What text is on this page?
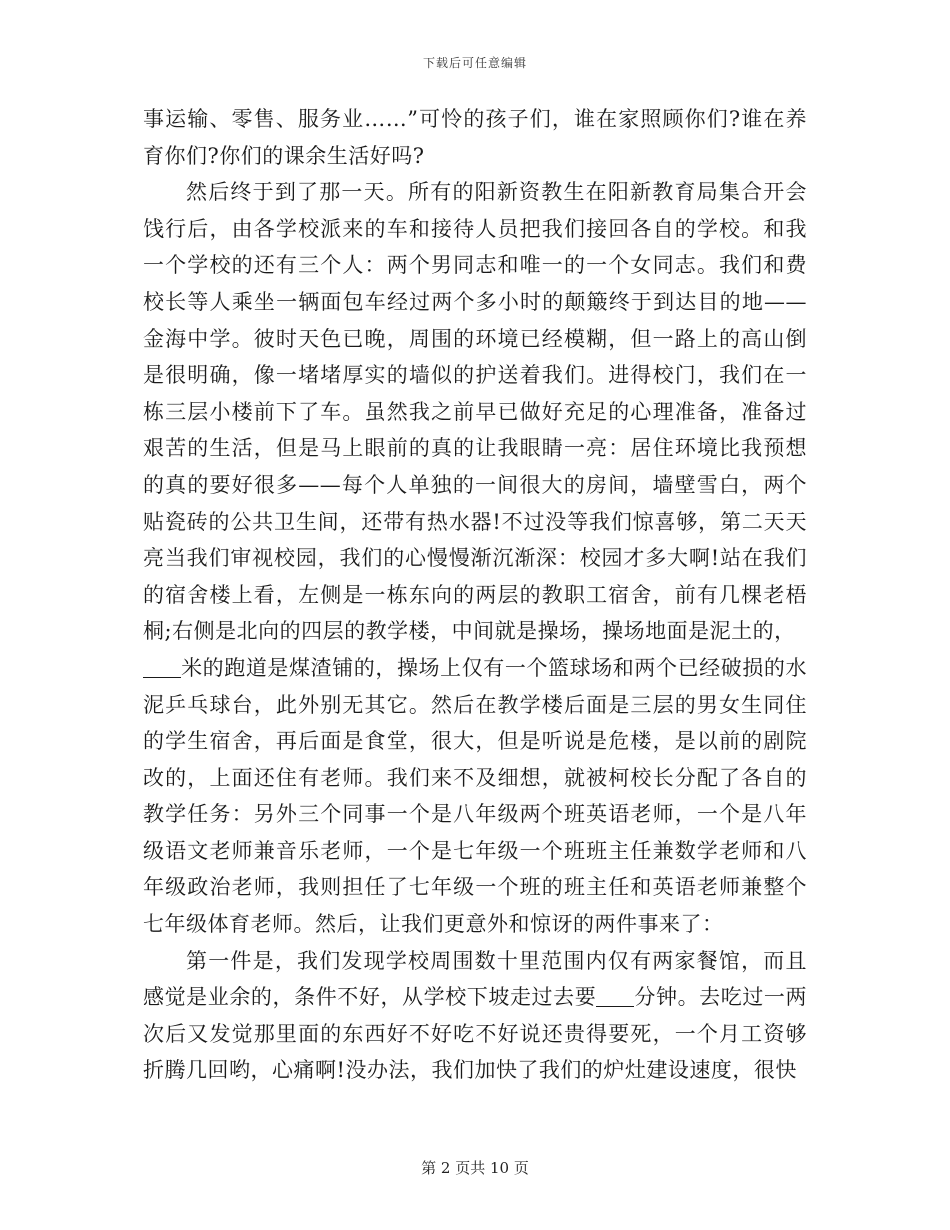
下载后可任意编辑

事运输、零售、服务业……”可怜的孩子们，谁在家照顾你们?谁在养育你们?你们的课余生活好吗?

然后终于到了那一天。所有的阳新资教生在阳新教育局集合开会饯行后，由各学校派来的车和接待人员把我们接回各自的学校。和我一个学校的还有三个人：两个男同志和唯一的一个女同志。我们和费校长等人乘坐一辆面包车经过两个多小时的颠簸终于到达目的地——金海中学。彼时天色已晚，周围的环境已经模糊，但一路上的高山倒是很明确，像一堵堵厚实的墙似的护送着我们。进得校门，我们在一栋三层小楼前下了车。虽然我之前早已做好充足的心理准备，准备过艰苦的生活，但是马上眼前的真的让我眼睛一亮：居住环境比我预想的真的要好很多——每个人单独的一间很大的房间，墙壁雪白，两个贴瓷砖的公共卫生间，还带有热水器!不过没等我们惊喜够，第二天天亮当我们审视校园，我们的心慢慢渐沉渐深：校园才多大啊!站在我们的宿舍楼上看，左侧是一栋东向的两层的教职工宿舍，前有几棵老梧桐;右侧是北向的四层的教学楼，中间就是操场，操场地面是泥土的，
米的跑道是煤渣铺的，操场上仅有一个篮球场和两个已经破损的水泥乒乓球台，此外别无其它。然后在教学楼后面是三层的男女生同住的学生宿舍，再后面是食堂，很大，但是听说是危楼，是以前的剧院改的，上面还住有老师。我们来不及细想，就被柯校长分配了各自的教学任务：另外三个同事一个是八年级两个班英语老师，一个是八年级语文老师兼音乐老师，一个是七年级一个班班主任兼数学老师和八年级政治老师，我则担任了七年级一个班的班主任和英语老师兼整个七年级体育老师。然后，让我们更意外和惊讶的两件事来了：

第一件是，我们发现学校周围数十里范围内仅有两家餐馆，而且感觉是业余的，条件不好，从学校下坡走过去要 分钟。去吃过一两次后又发觉那里面的东西好不好吃不好说还贵得要死，一个月工资够折腾几回哟，心痛啊!没办法，我们加快了我们的炉灶建设速度，很快

第 2 页共 10 页
